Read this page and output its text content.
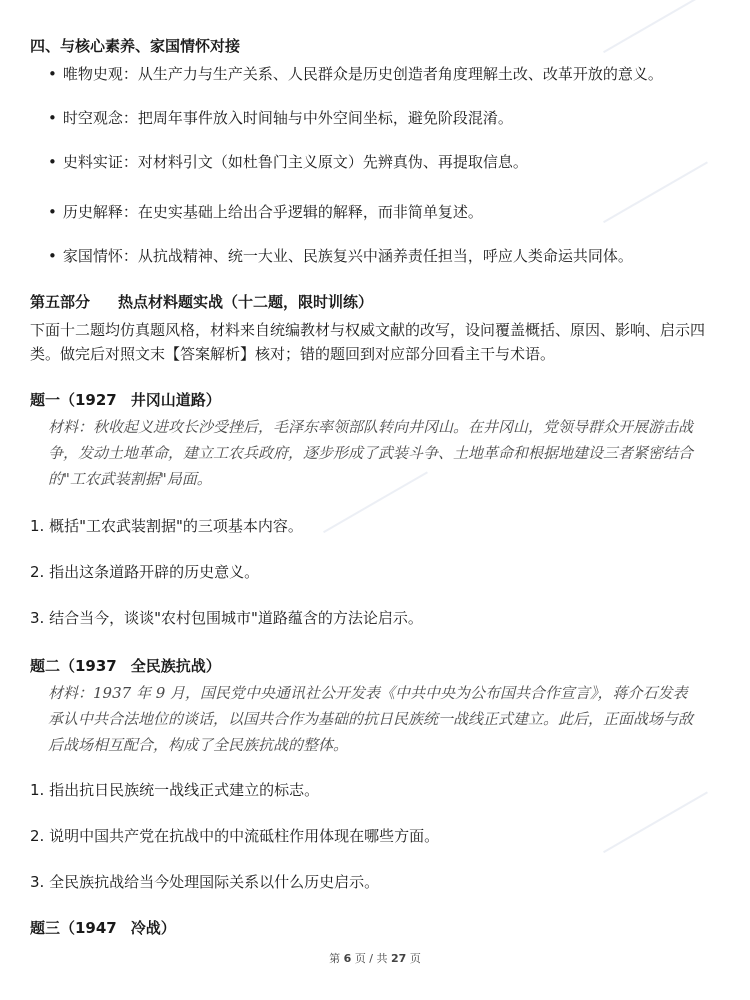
四、与核心素养、家国情怀对接
• 唯物史观：从生产力与生产关系、人民群众是历史创造者角度理解土改、改革开放的意义。
• 时空观念：把周年事件放入时间轴与中外空间坐标，避免阶段混淆。
• 史料实证：对材料引文（如杜鲁门主义原文）先辨真伪、再提取信息。
• 历史解释：在史实基础上给出合乎逻辑的解释，而非简单复述。
• 家国情怀：从抗战精神、统一大业、民族复兴中涵养责任担当，呼应人类命运共同体。
第五部分 热点材料题实战（十二题，限时训练）
下面十二题均仿真题风格，材料来自统编教材与权威文献的改写，设问覆盖概括、原因、影响、启示四
类。做完后对照文末【答案解析】核对；错的题回到对应部分回看主干与术语。
题一（1927 井冈山道路）
材料：秋收起义进攻长沙受挫后，毛泽东率领部队转向井冈山。在井冈山，党领导群众开展游击战
争，发动土地革命，建立工农兵政府，逐步形成了武装斗争、土地革命和根据地建设三者紧密结合
的"工农武装割据"局面。
1. 概括"工农武装割据"的三项基本内容。
2. 指出这条道路开辟的历史意义。
3. 结合当今，谈谈"农村包围城市"道路蕴含的方法论启示。
题二（1937 全民族抗战）
材料：1937 年 9 月，国民党中央通讯社公开发表《中共中央为公布国共合作宣言》，蒋介石发表
承认中共合法地位的谈话，以国共合作为基础的抗日民族统一战线正式建立。此后，正面战场与敌
后战场相互配合，构成了全民族抗战的整体。
1. 指出抗日民族统一战线正式建立的标志。
2. 说明中国共产党在抗战中的中流砥柱作用体现在哪些方面。
3. 全民族抗战给当今处理国际关系以什么历史启示。
题三（1947 冷战）
第 6 页 / 共 27 页
